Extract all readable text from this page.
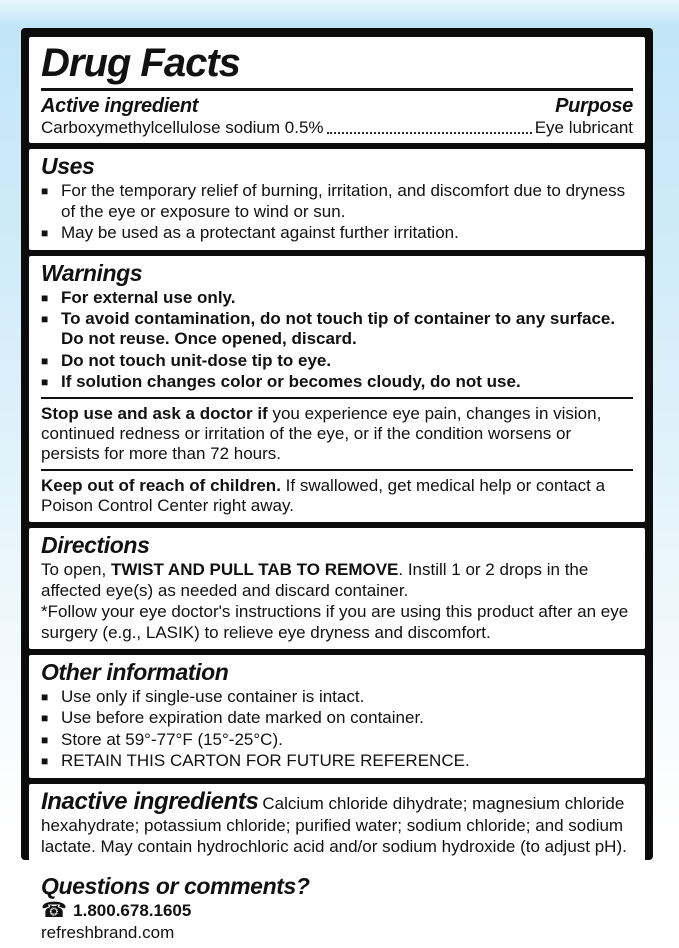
Drug Facts
Active ingredient	Purpose
Carboxymethylcellulose sodium 0.5%	Eye lubricant
Uses
■ For the temporary relief of burning, irritation, and discomfort due to dryness of the eye or exposure to wind or sun.
■ May be used as a protectant against further irritation.
Warnings
■ For external use only.
■ To avoid contamination, do not touch tip of container to any surface. Do not reuse. Once opened, discard.
■ Do not touch unit-dose tip to eye.
■ If solution changes color or becomes cloudy, do not use.

Stop use and ask a doctor if you experience eye pain, changes in vision, continued redness or irritation of the eye, or if the condition worsens or persists for more than 72 hours.

Keep out of reach of children. If swallowed, get medical help or contact a Poison Control Center right away.

Directions

To open, TWIST AND PULL TAB TO REMOVE. Instill 1 or 2 drops in the affected eye(s) as needed and discard container.

*Follow your eye doctor's instructions if you are using this product after an eye surgery (e.g., LASIK) to relieve eye dryness and discomfort.

Other information
■ Use only if single-use container is intact.
■ Use before expiration date marked on container.
■ Store at 59°-77°F (15°-25°C).
■ RETAIN THIS CARTON FOR FUTURE REFERENCE.

Inactive ingredients Calcium chloride dihydrate; magnesium chloride hexahydrate; potassium chloride; purified water; sodium chloride; and sodium lactate. May contain hydrochloric acid and/or sodium hydroxide (to adjust pH).

Questions or comments?
☎ 1.800.678.1605
refreshbrand.com
